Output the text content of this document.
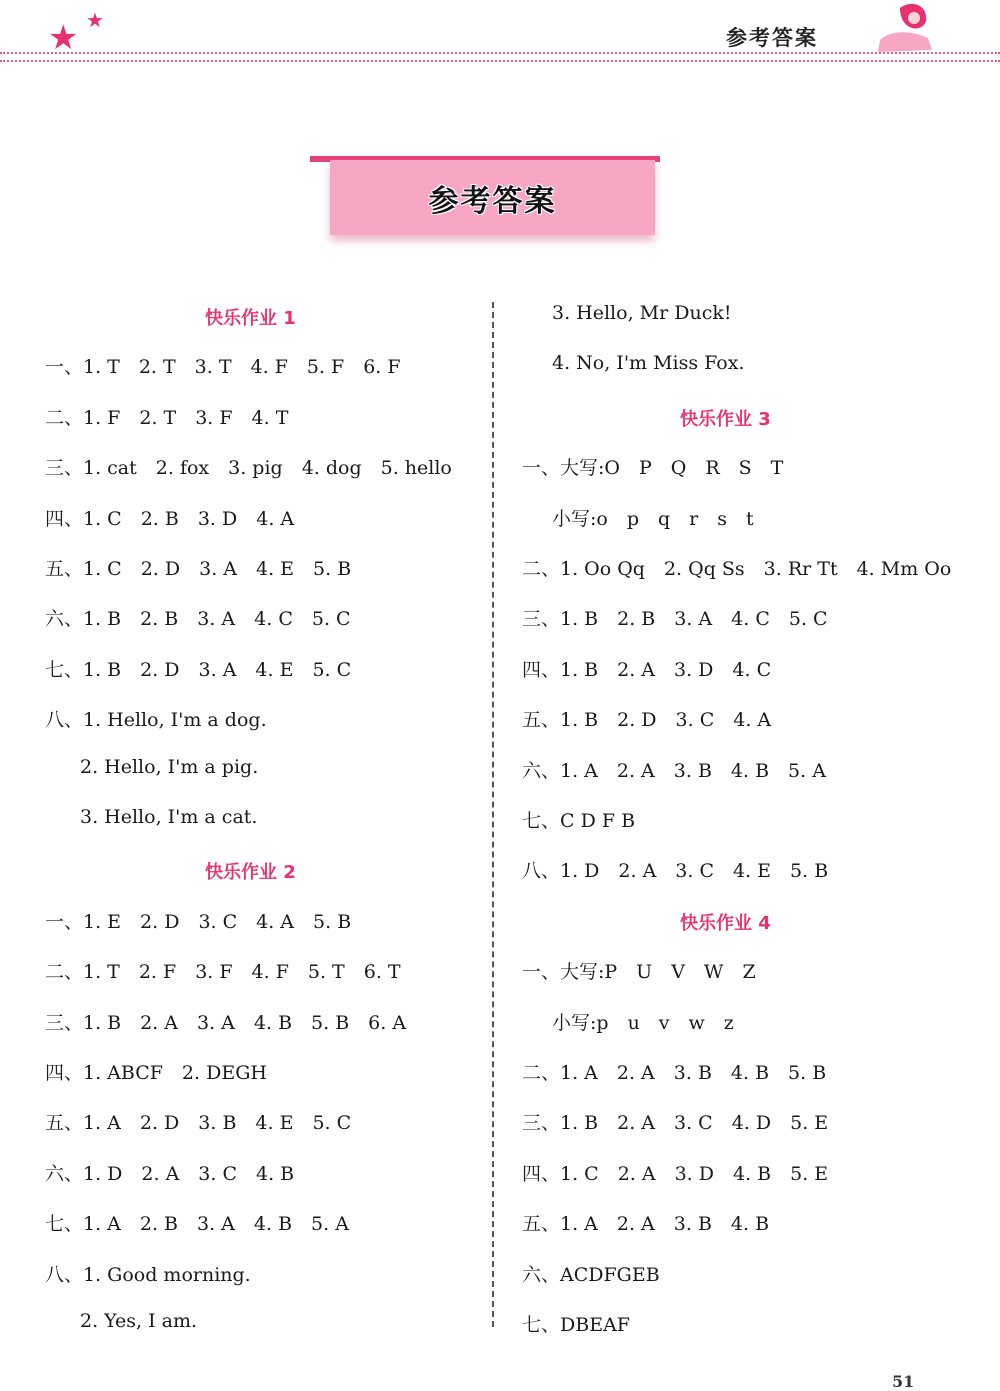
★ ★
参考答案
参考答案
快乐作业 1
一、1. T　2. T　3. T　4. F　5. F　6. F
二、1. F　2. T　3. F　4. T
三、1. cat　2. fox　3. pig　4. dog　5. hello
四、1. C　2. B　3. D　4. A
五、1. C　2. D　3. A　4. E　5. B
六、1. B　2. B　3. A　4. C　5. C
七、1. B　2. D　3. A　4. E　5. C
八、1. Hello, I'm a dog.
2. Hello, I'm a pig.
3. Hello, I'm a cat.
快乐作业 2
一、1. E　2. D　3. C　4. A　5. B
二、1. T　2. F　3. F　4. F　5. T　6. T
三、1. B　2. A　3. A　4. B　5. B　6. A
四、1. ABCF　2. DEGH
五、1. A　2. D　3. B　4. E　5. C
六、1. D　2. A　3. C　4. B
七、1. A　2. B　3. A　4. B　5. A
八、1. Good morning.
2. Yes, I am.
3. Hello, Mr Duck!
4. No, I'm Miss Fox.
快乐作业 3
一、大写:O　P　Q　R　S　T
小写:o　p　q　r　s　t
二、1. Oo Qq　2. Qq Ss　3. Rr Tt　4. Mm Oo
三、1. B　2. B　3. A　4. C　5. C
四、1. B　2. A　3. D　4. C
五、1. B　2. D　3. C　4. A
六、1. A　2. A　3. B　4. B　5. A
七、C D F B
八、1. D　2. A　3. C　4. E　5. B
快乐作业 4
一、大写:P　U　V　W　Z
小写:p　u　v　w　z
二、1. A　2. A　3. B　4. B　5. B
三、1. B　2. A　3. C　4. D　5. E
四、1. C　2. A　3. D　4. B　5. E
五、1. A　2. A　3. B　4. B
六、ACDFGEB
七、DBEAF
51
